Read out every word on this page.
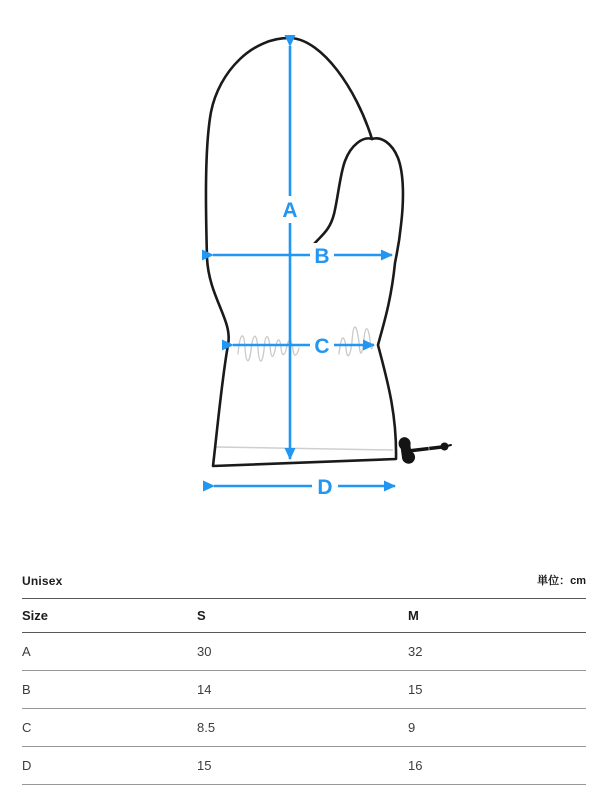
A
B
C
D
Unisex	単位：cm
Size	S	M
A	30	32
B	14	15
C	8.5	9
D	15	16
